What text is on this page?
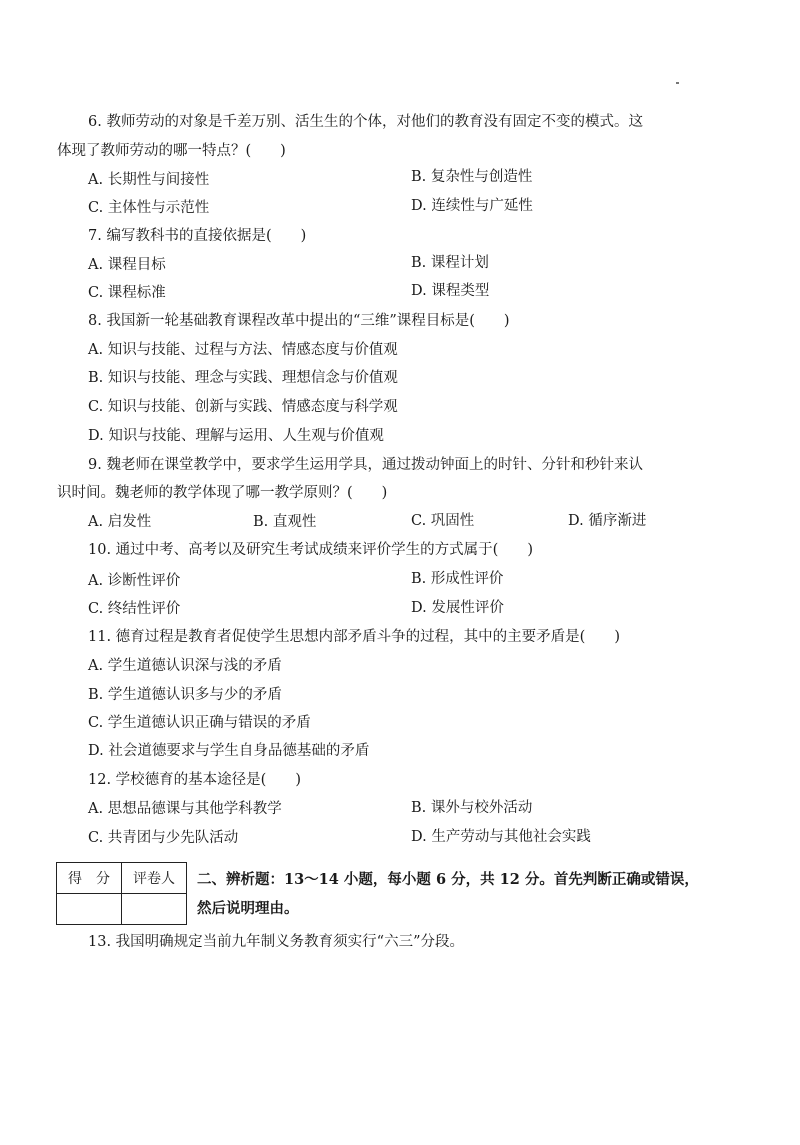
6. 教师劳动的对象是千差万别、活生生的个体，对他们的教育没有固定不变的模式。这
体现了教师劳动的哪一特点？(　　)
A. 长期性与间接性	B. 复杂性与创造性
C. 主体性与示范性	D. 连续性与广延性
7. 编写教科书的直接依据是(　　)
A. 课程目标	B. 课程计划
C. 课程标准	D. 课程类型
8. 我国新一轮基础教育课程改革中提出的“三维”课程目标是(　　)
A. 知识与技能、过程与方法、情感态度与价值观
B. 知识与技能、理念与实践、理想信念与价值观
C. 知识与技能、创新与实践、情感态度与科学观
D. 知识与技能、理解与运用、人生观与价值观
9. 魏老师在课堂教学中，要求学生运用学具，通过拨动钟面上的时针、分针和秒针来认
识时间。魏老师的教学体现了哪一教学原则？(　　)
A. 启发性	B. 直观性	C. 巩固性	D. 循序渐进
10. 通过中考、高考以及研究生考试成绩来评价学生的方式属于(　　)
A. 诊断性评价	B. 形成性评价
C. 终结性评价	D. 发展性评价
11. 德育过程是教育者促使学生思想内部矛盾斗争的过程，其中的主要矛盾是(　　)
A. 学生道德认识深与浅的矛盾
B. 学生道德认识多与少的矛盾
C. 学生道德认识正确与错误的矛盾
D. 社会道德要求与学生自身品德基础的矛盾
12. 学校德育的基本途径是(　　)
A. 思想品德课与其他学科教学	B. 课外与校外活动
C. 共青团与少先队活动	D. 生产劳动与其他社会实践
得　分	评卷人
	二、辨析题：13～14 小题，每小题 6 分，共 12 分。首先判断正确或错误，
然后说明理由。
13. 我国明确规定当前九年制义务教育须实行“六三”分段。
